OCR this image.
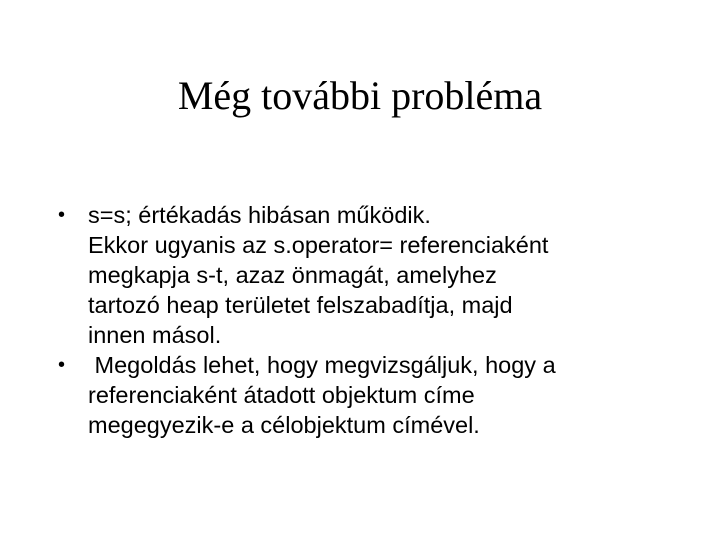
Még további probléma
• s=s; értékadás hibásan működik.
Ekkor ugyanis az s.operator= referenciaként
megkapja s-t, azaz önmagát, amelyhez
tartozó heap területet felszabadítja, majd
innen másol.
• Megoldás lehet, hogy megvizsgáljuk, hogy a
referenciaként átadott objektum címe
megegyezik-e a célobjektum címével.
